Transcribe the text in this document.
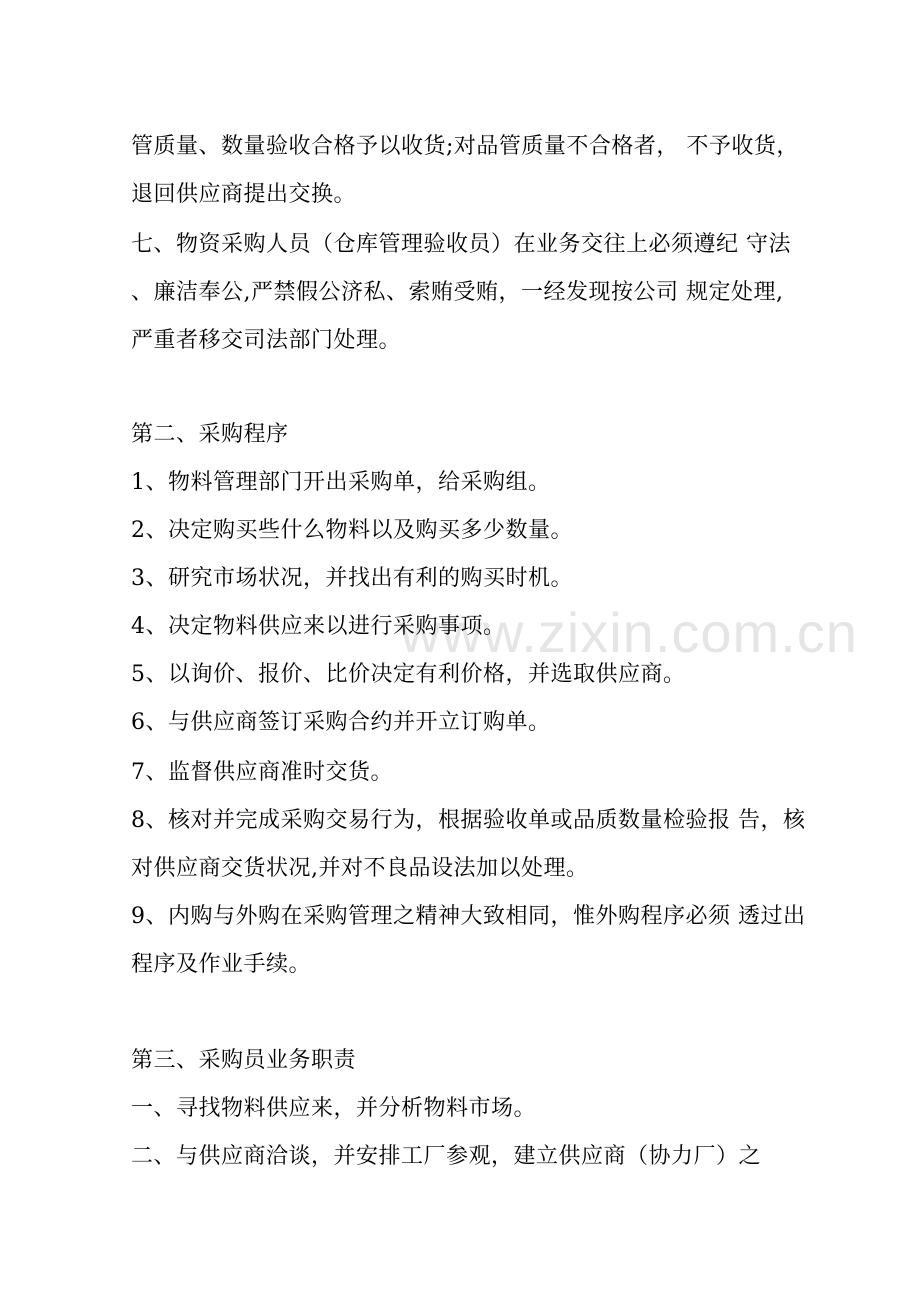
www.zixin.com.cn
管质量、数量验收合格予以收货;对品管质量不合格者， 不予收货，
退回供应商提出交换。
七、物资采购人员（仓库管理验收员）在业务交往上必须遵纪 守法
、廉洁奉公,严禁假公济私、索贿受贿，一经发现按公司 规定处理,
严重者移交司法部门处理。
第二、采购程序
1、物料管理部门开出采购单，给采购组。
2、决定购买些什么物料以及购买多少数量。
3、研究市场状况，并找出有利的购买时机。
4、决定物料供应来以进行采购事项。
5、以询价、报价、比价决定有利价格，并选取供应商。
6、与供应商签订采购合约并开立订购单。
7、监督供应商准时交货。
8、核对并完成采购交易行为，根据验收单或品质数量检验报 告，核
对供应商交货状况,并对不良品设法加以处理。
9、内购与外购在采购管理之精神大致相同，惟外购程序必须 透过出
程序及作业手续。
第三、采购员业务职责
一、寻找物料供应来，并分析物料市场。
二、与供应商洽谈，并安排工厂参观，建立供应商（协力厂）之
